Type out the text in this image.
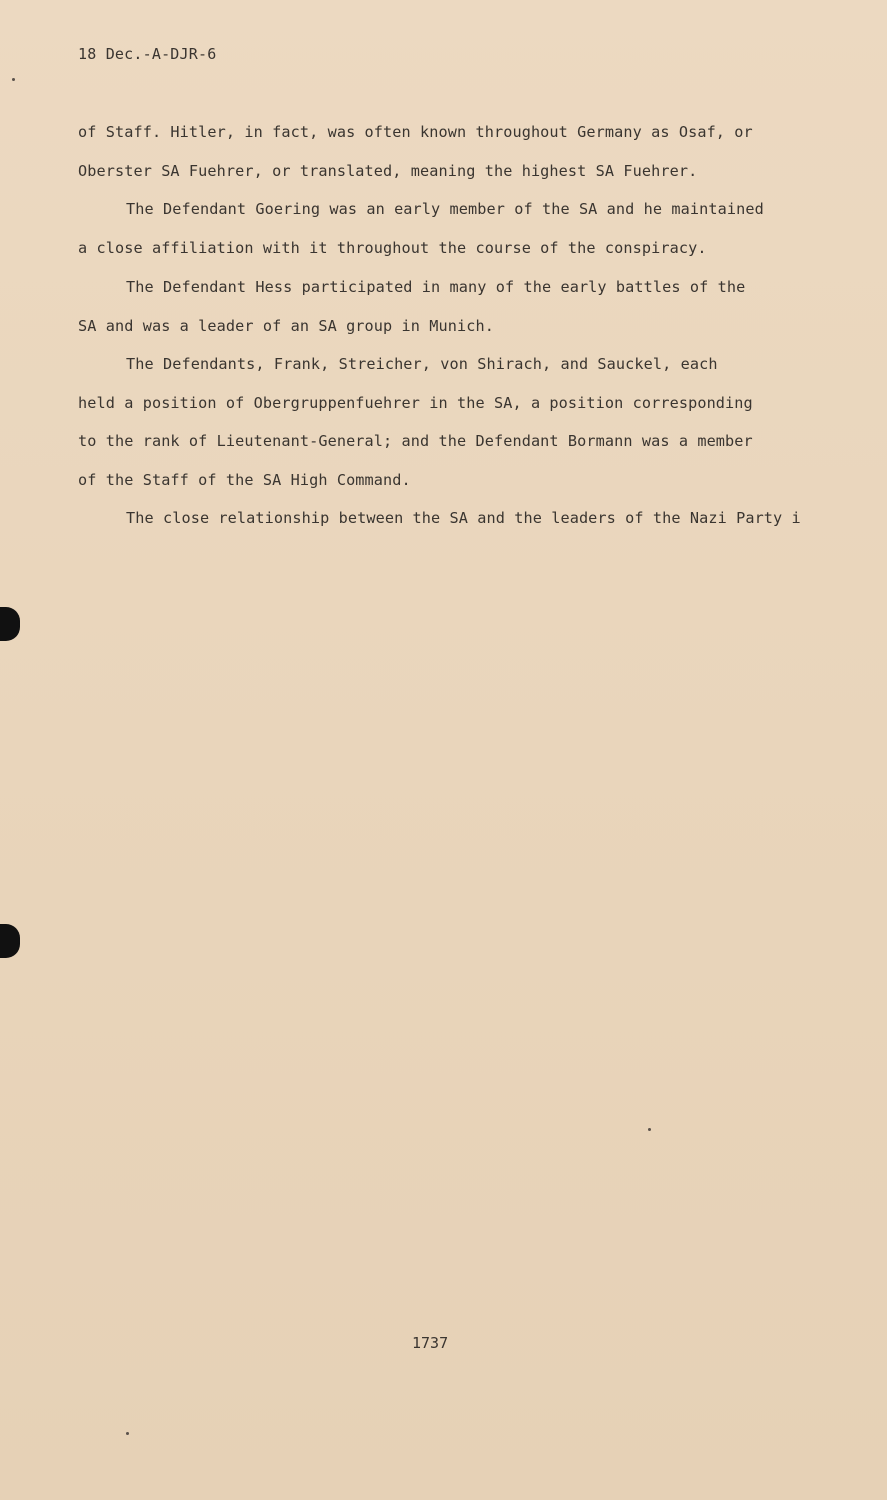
18 Dec.-A-DJR-6
of Staff. Hitler, in fact, was often known throughout Germany as Osaf, or
Oberster SA Fuehrer, or translated, meaning the highest SA Fuehrer.
The Defendant Goering was an early member of the SA and he maintained
a close affiliation with it throughout the course of the conspiracy.
The Defendant Hess participated in many of the early battles of the
SA and was a leader of an SA group in Munich.
The Defendants, Frank, Streicher, von Shirach, and Sauckel, each
held a position of Obergruppenfuehrer in the SA, a position corresponding
to the rank of Lieutenant-General; and the Defendant Bormann was a member
of the Staff of the SA High Command.
The close relationship between the SA and the leaders of the Nazi Party i
1737
